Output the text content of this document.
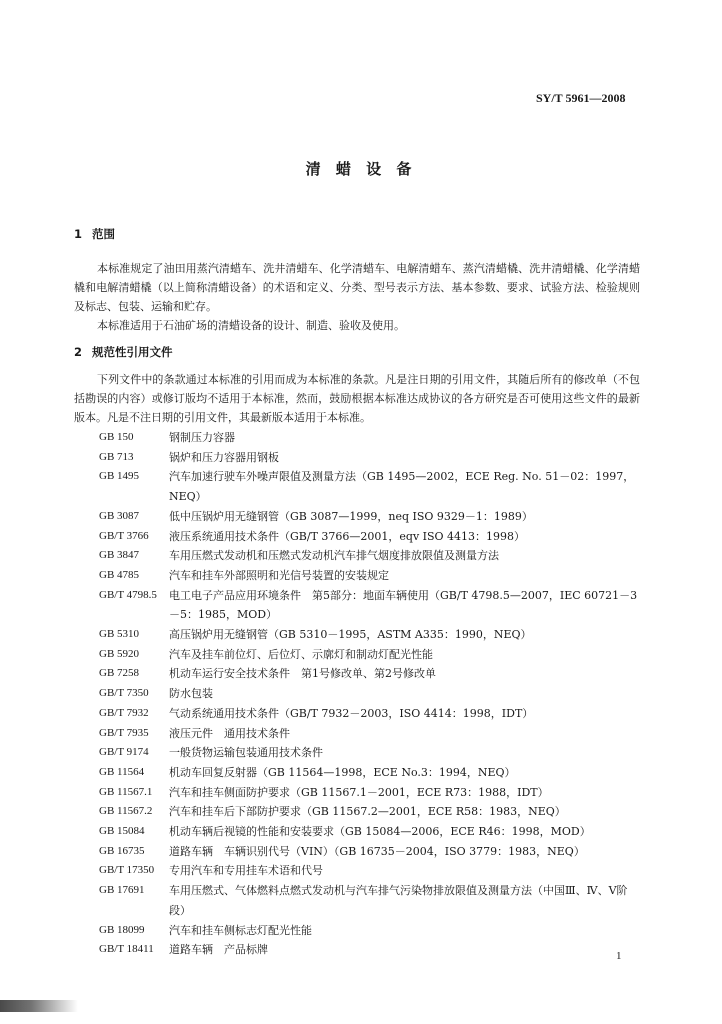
SY/T 5961—2008
清 蜡 设 备
1 范围
本标准规定了油田用蒸汽清蜡车、洗井清蜡车、化学清蜡车、电解清蜡车、蒸汽清蜡橇、洗井清蜡橇、化学清蜡橇和电解清蜡橇（以上简称清蜡设备）的术语和定义、分类、型号表示方法、基本参数、要求、试验方法、检验规则及标志、包装、运输和贮存。
本标准适用于石油矿场的清蜡设备的设计、制造、验收及使用。
2 规范性引用文件
下列文件中的条款通过本标准的引用而成为本标准的条款。凡是注日期的引用文件，其随后所有的修改单（不包括勘误的内容）或修订版均不适用于本标准，然而，鼓励根据本标准达成协议的各方研究是否可使用这些文件的最新版本。凡是不注日期的引用文件，其最新版本适用于本标准。
GB 150	钢制压力容器
GB 713	锅炉和压力容器用钢板
GB 1495	汽车加速行驶车外噪声限值及测量方法（GB 1495—2002，ECE Reg. No. 51－02：1997，NEQ）
GB 3087	低中压锅炉用无缝钢管（GB 3087—1999，neq ISO 9329－1：1989）
GB/T 3766	液压系统通用技术条件（GB/T 3766—2001，eqv ISO 4413：1998）
GB 3847	车用压燃式发动机和压燃式发动机汽车排气烟度排放限值及测量方法
GB 4785	汽车和挂车外部照明和光信号装置的安装规定
GB/T 4798.5	电工电子产品应用环境条件　第5部分：地面车辆使用（GB/T 4798.5—2007，IEC 60721－3－5：1985，MOD）
GB 5310	高压锅炉用无缝钢管（GB 5310－1995，ASTM A335：1990，NEQ）
GB 5920	汽车及挂车前位灯、后位灯、示廓灯和制动灯配光性能
GB 7258	机动车运行安全技术条件　第1号修改单、第2号修改单
GB/T 7350	防水包装
GB/T 7932	气动系统通用技术条件（GB/T 7932－2003，ISO 4414：1998，IDT）
GB/T 7935	液压元件　通用技术条件
GB/T 9174	一般货物运输包装通用技术条件
GB 11564	机动车回复反射器（GB 11564—1998，ECE No.3：1994，NEQ）
GB 11567.1	汽车和挂车侧面防护要求（GB 11567.1－2001，ECE R73：1988，IDT）
GB 11567.2	汽车和挂车后下部防护要求（GB 11567.2—2001，ECE R58：1983，NEQ）
GB 15084	机动车辆后视镜的性能和安装要求（GB 15084—2006，ECE R46：1998，MOD）
GB 16735	道路车辆　车辆识别代号（VIN）（GB 16735－2004，ISO 3779：1983，NEQ）
GB/T 17350	专用汽车和专用挂车术语和代号
GB 17691	车用压燃式、气体燃料点燃式发动机与汽车排气污染物排放限值及测量方法（中国Ⅲ、Ⅳ、Ⅴ阶段）
GB 18099	汽车和挂车侧标志灯配光性能
GB/T 18411	道路车辆　产品标牌	1
